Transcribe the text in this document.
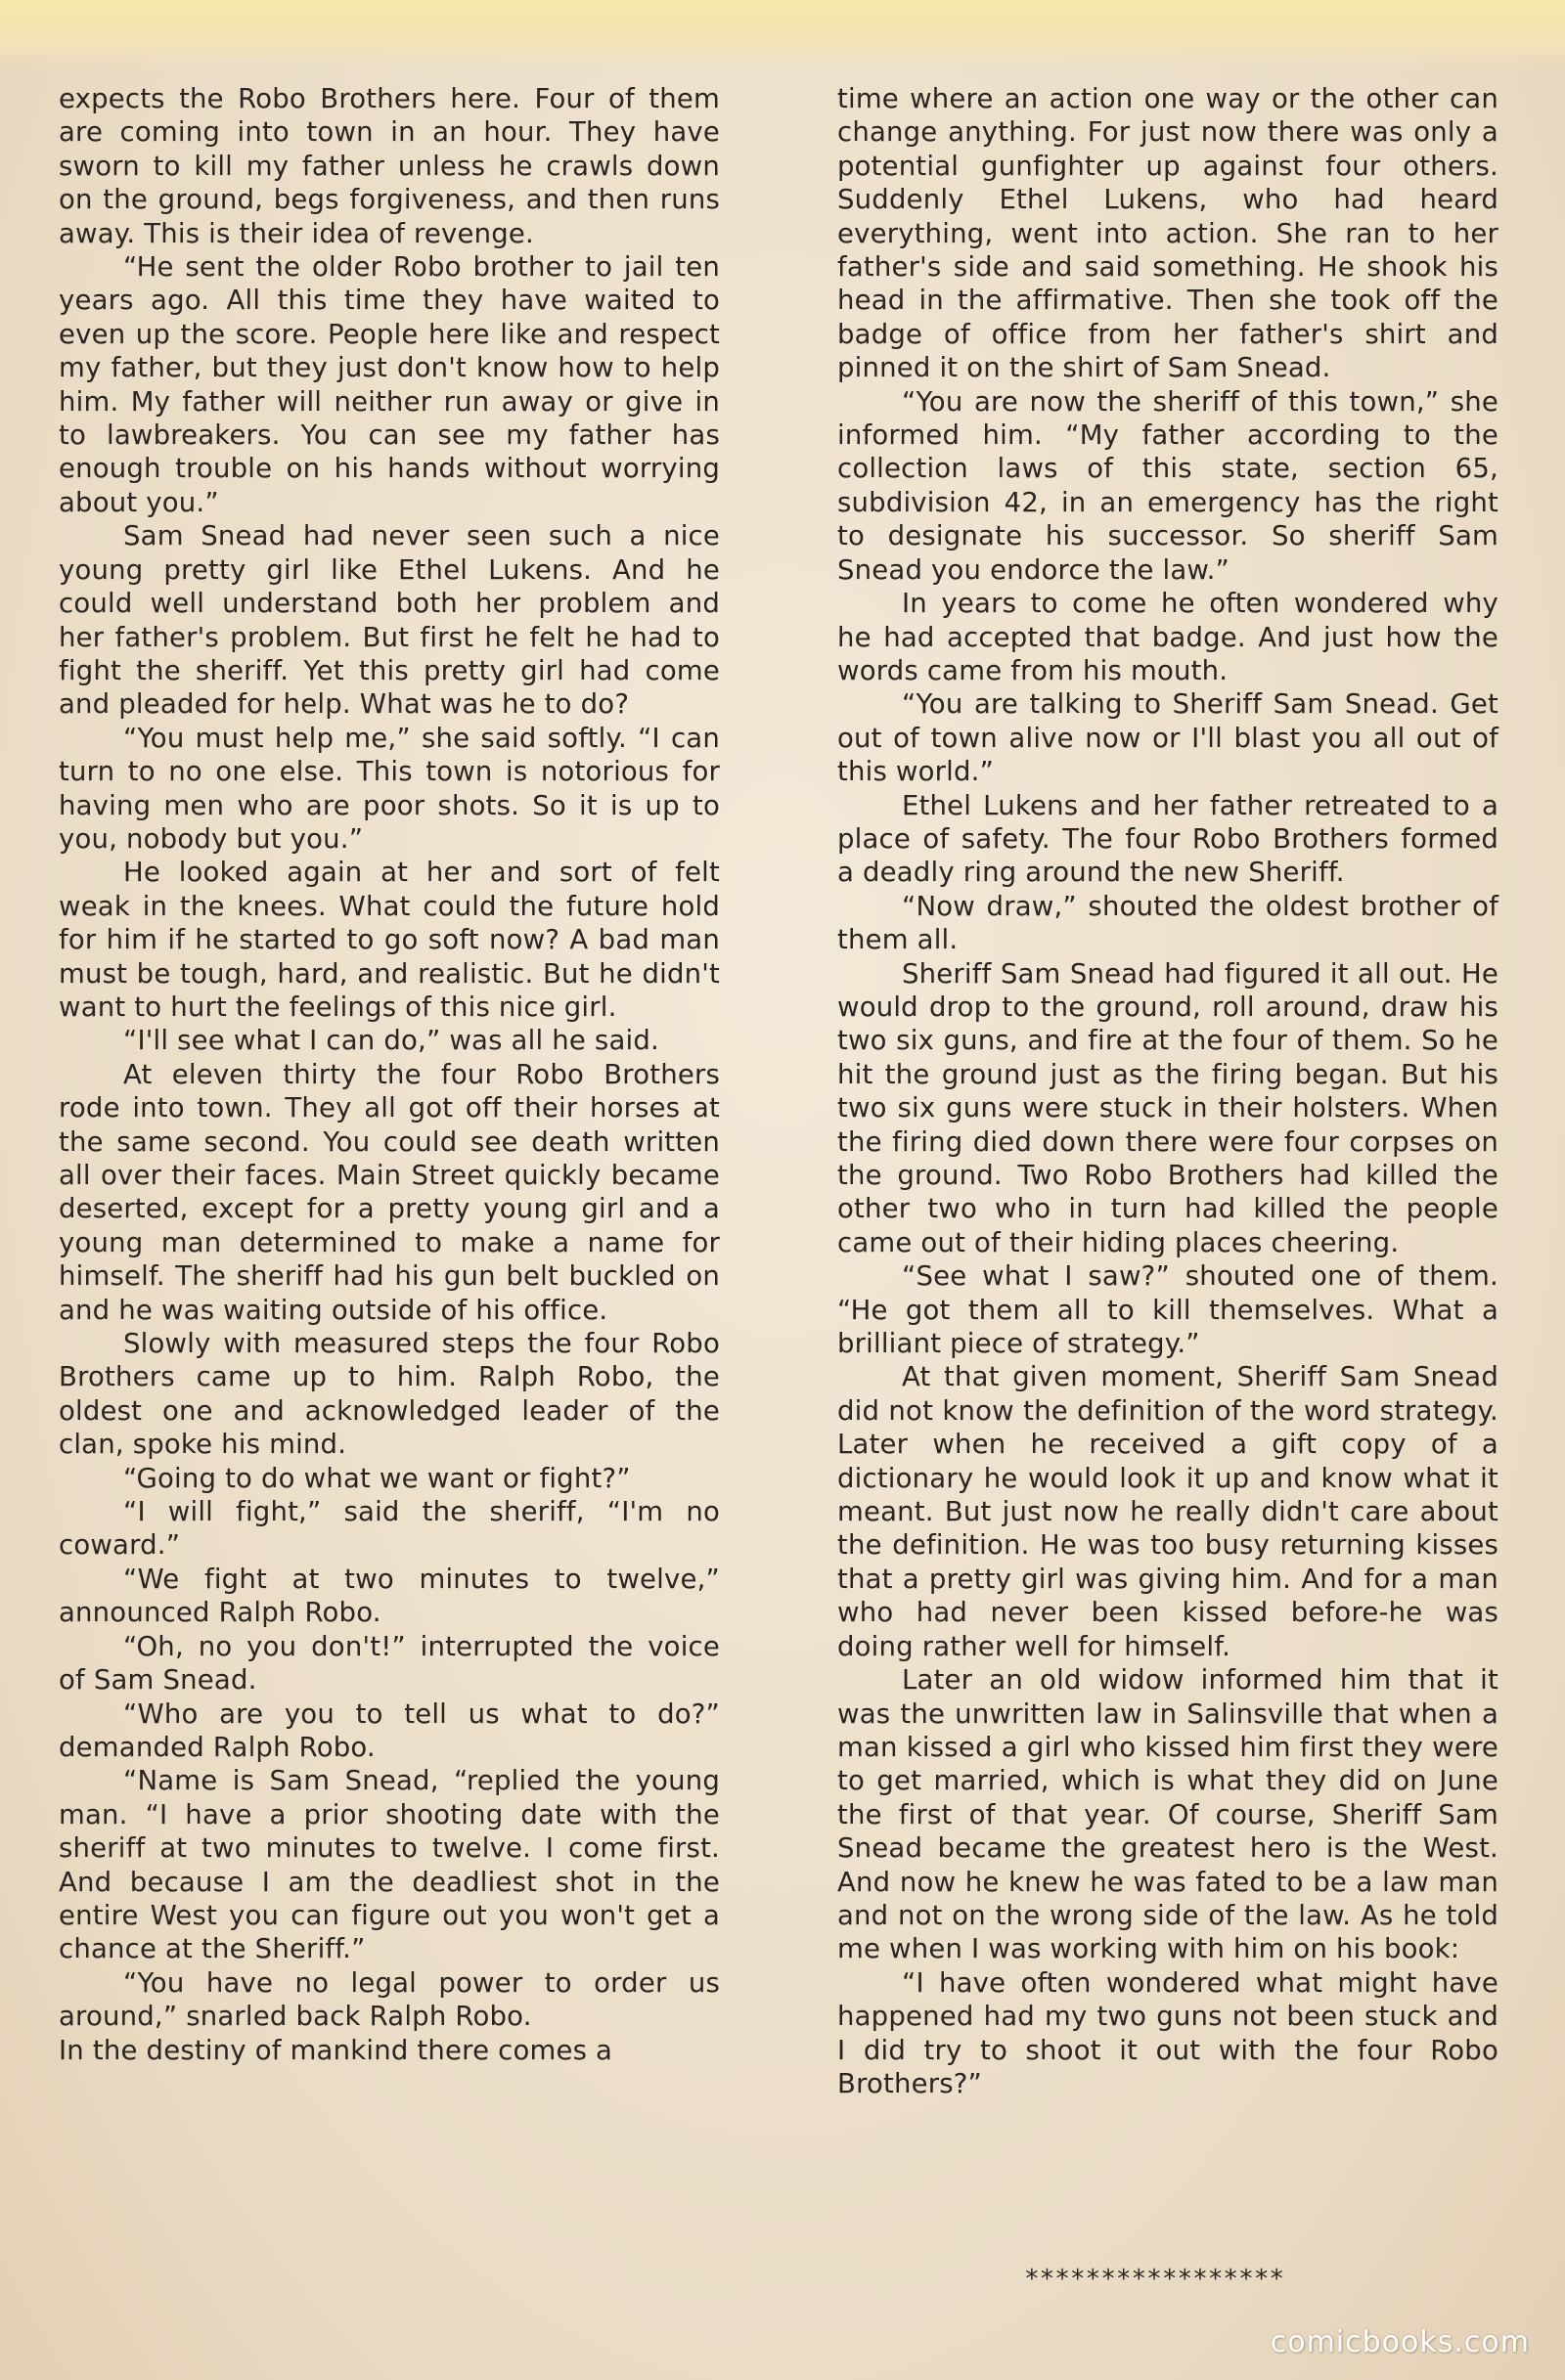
expects the Robo Brothers here. Four of them are coming into town in an hour. They have sworn to kill my father unless he crawls down on the ground, begs forgiveness, and then runs away. This is their idea of revenge.

“He sent the older Robo brother to jail ten years ago. All this time they have waited to even up the score. People here like and respect my father, but they just don't know how to help him. My father will neither run away or give in to lawbreakers. You can see my father has enough trouble on his hands without worrying about you.”

Sam Snead had never seen such a nice young pretty girl like Ethel Lukens. And he could well understand both her problem and her father's problem. But first he felt he had to fight the sheriff. Yet this pretty girl had come and pleaded for help. What was he to do?

“You must help me,” she said softly. “I can turn to no one else. This town is notorious for having men who are poor shots. So it is up to you, nobody but you.”

He looked again at her and sort of felt weak in the knees. What could the future hold for him if he started to go soft now? A bad man must be tough, hard, and realistic. But he didn't want to hurt the feelings of this nice girl.

“I'll see what I can do,” was all he said.

At eleven thirty the four Robo Brothers rode into town. They all got off their horses at the same second. You could see death written all over their faces. Main Street quickly became deserted, except for a pretty young girl and a young man determined to make a name for himself. The sheriff had his gun belt buckled on and he was waiting outside of his office.

Slowly with measured steps the four Robo Brothers came up to him. Ralph Robo, the oldest one and acknowledged leader of the clan, spoke his mind.

“Going to do what we want or fight?”

“I will fight,” said the sheriff, “I'm no coward.”

“We fight at two minutes to twelve,” announced Ralph Robo.

“Oh, no you don't!” interrupted the voice of Sam Snead.

“Who are you to tell us what to do?” demanded Ralph Robo.

“Name is Sam Snead, “replied the young man. “I have a prior shooting date with the sheriff at two minutes to twelve. I come first. And because I am the deadliest shot in the entire West you can figure out you won't get a chance at the Sheriff.”

“You have no legal power to order us around,” snarled back Ralph Robo.

In the destiny of mankind there comes a

time where an action one way or the other can change anything. For just now there was only a potential gunfighter up against four others. Suddenly Ethel Lukens, who had heard everything, went into action. She ran to her father's side and said something. He shook his head in the affirmative. Then she took off the badge of office from her father's shirt and pinned it on the shirt of Sam Snead.

“You are now the sheriff of this town,” she informed him. “My father according to the collection laws of this state, section 65, subdivision 42, in an emergency has the right to designate his successor. So sheriff Sam Snead you endorce the law.”

In years to come he often wondered why he had accepted that badge. And just how the words came from his mouth.

“You are talking to Sheriff Sam Snead. Get out of town alive now or I'll blast you all out of this world.”

Ethel Lukens and her father retreated to a place of safety. The four Robo Brothers formed a deadly ring around the new Sheriff.

“Now draw,” shouted the oldest brother of them all.

Sheriff Sam Snead had figured it all out. He would drop to the ground, roll around, draw his two six guns, and fire at the four of them. So he hit the ground just as the firing began. But his two six guns were stuck in their holsters. When the firing died down there were four corpses on the ground. Two Robo Brothers had killed the other two who in turn had killed the people came out of their hiding places cheering.

“See what I saw?” shouted one of them. “He got them all to kill themselves. What a brilliant piece of strategy.”

At that given moment, Sheriff Sam Snead did not know the definition of the word strategy. Later when he received a gift copy of a dictionary he would look it up and know what it meant. But just now he really didn't care about the definition. He was too busy returning kisses that a pretty girl was giving him. And for a man who had never been kissed before-he was doing rather well for himself.

Later an old widow informed him that it was the unwritten law in Salinsville that when a man kissed a girl who kissed him first they were to get married, which is what they did on June the first of that year. Of course, Sheriff Sam Snead became the greatest hero is the West. And now he knew he was fated to be a law man and not on the wrong side of the law. As he told me when I was working with him on his book:

“I have often wondered what might have happened had my two guns not been stuck and I did try to shoot it out with the four Robo Brothers?”

*****************
comicbooks.com
